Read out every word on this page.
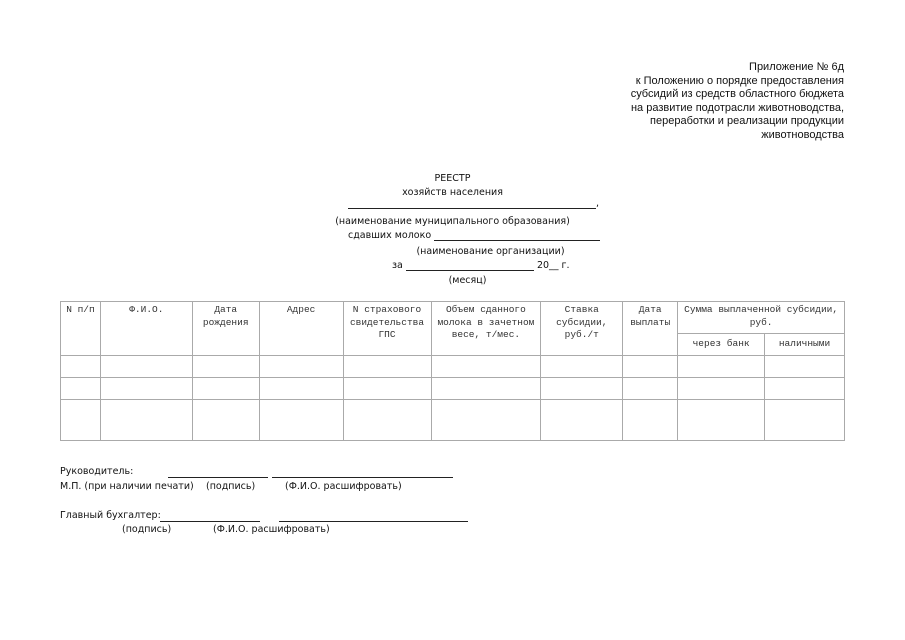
Приложение № 6д
к Положению о порядке предоставления
субсидий из средств областного бюджета
на развитие подотрасли животноводства,
переработки и реализации продукции
животноводства
РЕЕСТР
хозяйств населения
,
(наименование муниципального образования)
сдавших молоко
(наименование организации)
за	20__ г.
(месяц)
N п/п	Ф.И.О.	Дата рождения	Адрес	N страхового свидетельства ГПС	Объем сданного молока в зачетном весе, т/мес.	Ставка субсидии, руб./т	Дата выплаты	Сумма выплаченной субсидии, руб.	
								через банк	наличными

Руководитель:
М.П. (при наличии печати) (подпись)	(Ф.И.О. расшифровать)
Главный бухгалтер:
(подпись)	(Ф.И.О. расшифровать)
